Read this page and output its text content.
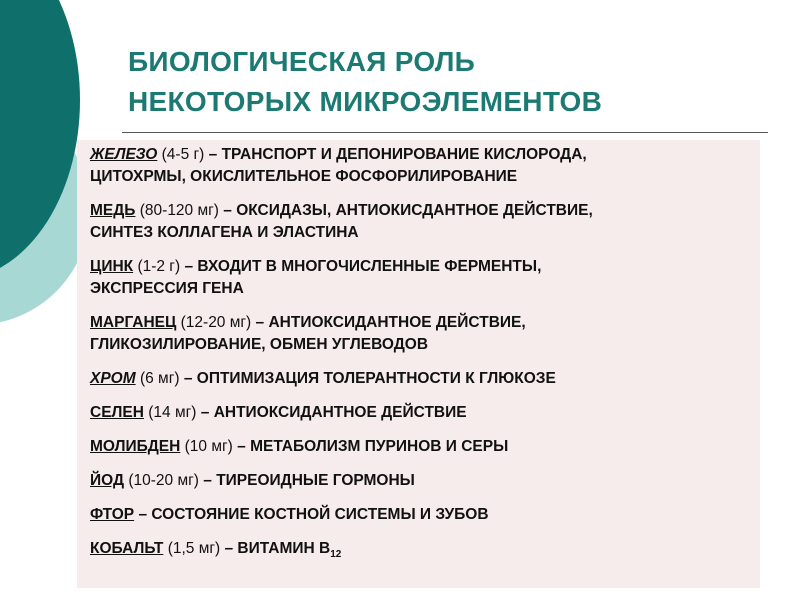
БИОЛОГИЧЕСКАЯ РОЛЬ
НЕКОТОРЫХ МИКРОЭЛЕМЕНТОВ
ЖЕЛЕЗО (4-5 г) – ТРАНСПОРТ И ДЕПОНИРОВАНИЕ КИСЛОРОДА,
ЦИТОХРМЫ, ОКИСЛИТЕЛЬНОЕ ФОСФОРИЛИРОВАНИЕ
МЕДЬ (80-120 мг) – ОКСИДАЗЫ, АНТИОКИСДАНТНОЕ ДЕЙСТВИЕ,
СИНТЕЗ КОЛЛАГЕНА И ЭЛАСТИНА
ЦИНК (1-2 г) – ВХОДИТ В МНОГОЧИСЛЕННЫЕ ФЕРМЕНТЫ,
ЭКСПРЕССИЯ ГЕНА
МАРГАНЕЦ (12-20 мг) – АНТИОКСИДАНТНОЕ ДЕЙСТВИЕ,
ГЛИКОЗИЛИРОВАНИЕ, ОБМЕН УГЛЕВОДОВ
ХРОМ (6 мг) – ОПТИМИЗАЦИЯ ТОЛЕРАНТНОСТИ К ГЛЮКОЗЕ
СЕЛЕН (14 мг) – АНТИОКСИДАНТНОЕ ДЕЙСТВИЕ
МОЛИБДЕН (10 мг) – МЕТАБОЛИЗМ ПУРИНОВ И СЕРЫ
ЙОД (10-20 мг) – ТИРЕОИДНЫЕ ГОРМОНЫ
ФТОР – СОСТОЯНИЕ КОСТНОЙ СИСТЕМЫ И ЗУБОВ
КОБАЛЬТ (1,5 мг) – ВИТАМИН $В_{12}$
